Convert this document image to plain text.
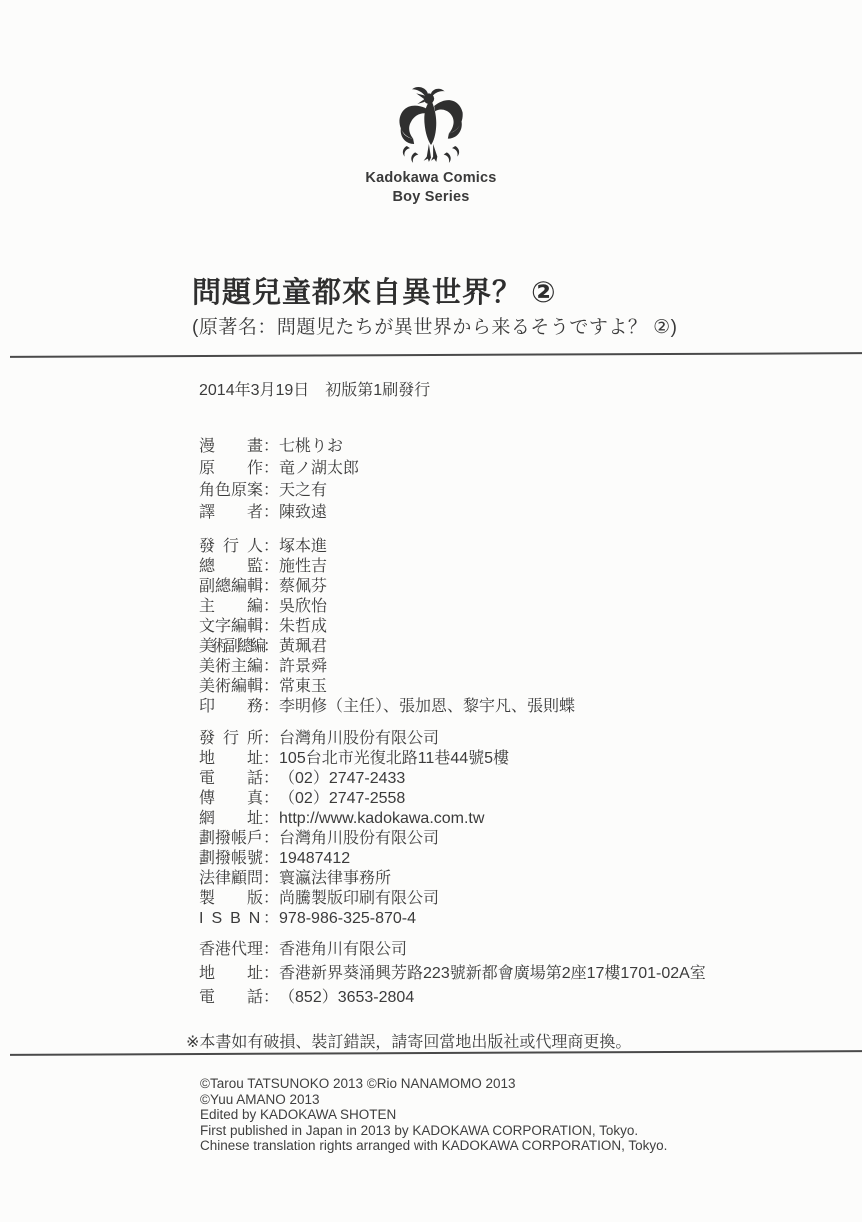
Kadokawa Comics
Boy Series
問題兒童都來自異世界？ ②
(原著名：問題児たちが異世界から来るそうですよ？ ②)
2014年3月19日　初版第1刷發行
漫　　畫：七桃りお
原　　作：竜ノ湖太郎
角色原案：天之有
譯　　者：陳致遠
發 行 人：塚本進
總　　監：施性吉
副總編輯：蔡佩芬
主　　編：吳欣怡
文字編輯：朱哲成
美術副總編：黃珮君
美術主編：許景舜
美術編輯：常東玉
印　　務：李明修（主任）、張加恩、黎宇凡、張則蝶
發 行 所：台灣角川股份有限公司
地　　址：105台北市光復北路11巷44號5樓
電　　話：（02）2747-2433
傳　　真：（02）2747-2558
網　　址：http://www.kadokawa.com.tw
劃撥帳戶：台灣角川股份有限公司
劃撥帳號：19487412
法律顧問：寰瀛法律事務所
製　　版：尚騰製版印刷有限公司
I S B N ：978-986-325-870-4
香港代理：香港角川有限公司
地　　址：香港新界葵涌興芳路223號新都會廣場第2座17樓1701-02A室
電　　話：（852）3653-2804
※本書如有破損、裝訂錯誤，請寄回當地出版社或代理商更換。
©Tarou TATSUNOKO 2013 ©Rio NANAMOMO 2013
©Yuu AMANO 2013
Edited by KADOKAWA SHOTEN
First published in Japan in 2013 by KADOKAWA CORPORATION, Tokyo.
Chinese translation rights arranged with KADOKAWA CORPORATION, Tokyo.
